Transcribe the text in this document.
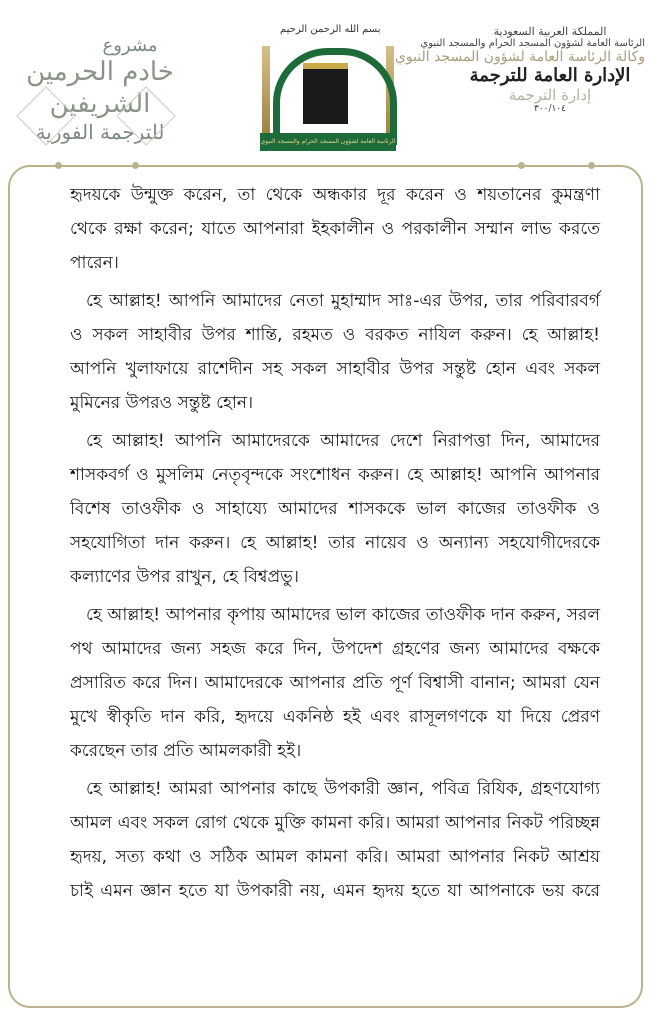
مشروع
خادم الحرمين الشريفين
للترجمة الفورية
بسم الله الرحمن الرحيم
الرئاسة العامة لشؤون المسجد الحرام والمسجد النبوي
المملكة العربية السعودية
الرئاسة العامة لشؤون المسجد الحرام والمسجد النبوي
وكالة الرئاسة العامة لشؤون المسجد النبوي
الإدارة العامة للترجمة
إدارة الترجمة
٣٠٠/١٠٤
হৃদয়কে উন্মুক্ত করেন, তা থেকে অন্ধকার দূর করেন ও শয়তানের কুমন্ত্রণা
থেকে রক্ষা করেন; যাতে আপনারা ইহকালীন ও পরকালীন সম্মান লাভ করতে
পারেন।
হে আল্লাহ! আপনি আমাদের নেতা মুহাম্মাদ সাঃ-এর উপর, তার পরিবারবর্গ
ও সকল সাহাবীর উপর শান্তি, রহমত ও বরকত নাযিল করুন। হে আল্লাহ!
আপনি খুলাফায়ে রাশেদীন সহ সকল সাহাবীর উপর সন্তুষ্ট হোন এবং সকল
মুমিনের উপরও সন্তুষ্ট হোন।
হে আল্লাহ! আপনি আমাদেরকে আমাদের দেশে নিরাপত্তা দিন, আমাদের
শাসকবর্গ ও মুসলিম নেতৃবৃন্দকে সংশোধন করুন। হে আল্লাহ! আপনি আপনার
বিশেষ তাওফীক ও সাহায্যে আমাদের শাসককে ভাল কাজের তাওফীক ও
সহযোগিতা দান করুন। হে আল্লাহ! তার নায়েব ও অন্যান্য সহযোগীদেরকে
কল্যাণের উপর রাখুন, হে বিশ্বপ্রভু।
হে আল্লাহ! আপনার কৃপায় আমাদের ভাল কাজের তাওফীক দান করুন, সরল
পথ আমাদের জন্য সহজ করে দিন, উপদেশ গ্রহণের জন্য আমাদের বক্ষকে
প্রসারিত করে দিন। আমাদেরকে আপনার প্রতি পূর্ণ বিশ্বাসী বানান; আমরা যেন
মুখে স্বীকৃতি দান করি, হৃদয়ে একনিষ্ঠ হই এবং রাসূলগণকে যা দিয়ে প্রেরণ
করেছেন তার প্রতি আমলকারী হই।
হে আল্লাহ! আমরা আপনার কাছে উপকারী জ্ঞান, পবিত্র রিযিক, গ্রহণযোগ্য
আমল এবং সকল রোগ থেকে মুক্তি কামনা করি। আমরা আপনার নিকট পরিচ্ছন্ন
হৃদয়, সত্য কথা ও সঠিক আমল কামনা করি। আমরা আপনার নিকট আশ্রয়
চাই এমন জ্ঞান হতে যা উপকারী নয়, এমন হৃদয় হতে যা আপনাকে ভয় করে
